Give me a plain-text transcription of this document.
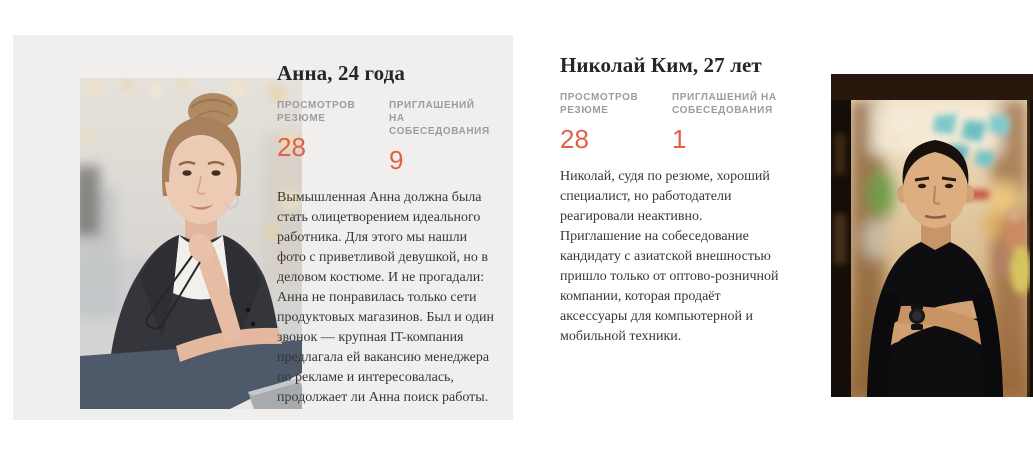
Анна, 24 года
ПРОСМОТРОВ РЕЗЮМЕ
28
ПРИГЛАШЕНИЙ НА СОБЕСЕДОВАНИЯ
9

Вымышленная Анна должна была стать олицетворением идеального работника. Для этого мы нашли фото с приветливой девушкой, но в деловом костюме. И не прогадали: Анна не понравилась только сети продуктовых магазинов. Был и один звонок — крупная IT-компания предлагала ей вакансию менеджера по рекламе и интересовалась, продолжает ли Анна поиск работы.

Николай Ким, 27 лет
ПРОСМОТРОВ РЕЗЮМЕ
28
ПРИГЛАШЕНИЙ НА СОБЕСЕДОВАНИЯ
1

Николай, судя по резюме, хороший специалист, но работодатели реагировали неактивно. Приглашение на собеседование кандидату с азиатской внешностью пришло только от оптово-розничной компании, которая продаёт аксессуары для компьютерной и мобильной техники.
